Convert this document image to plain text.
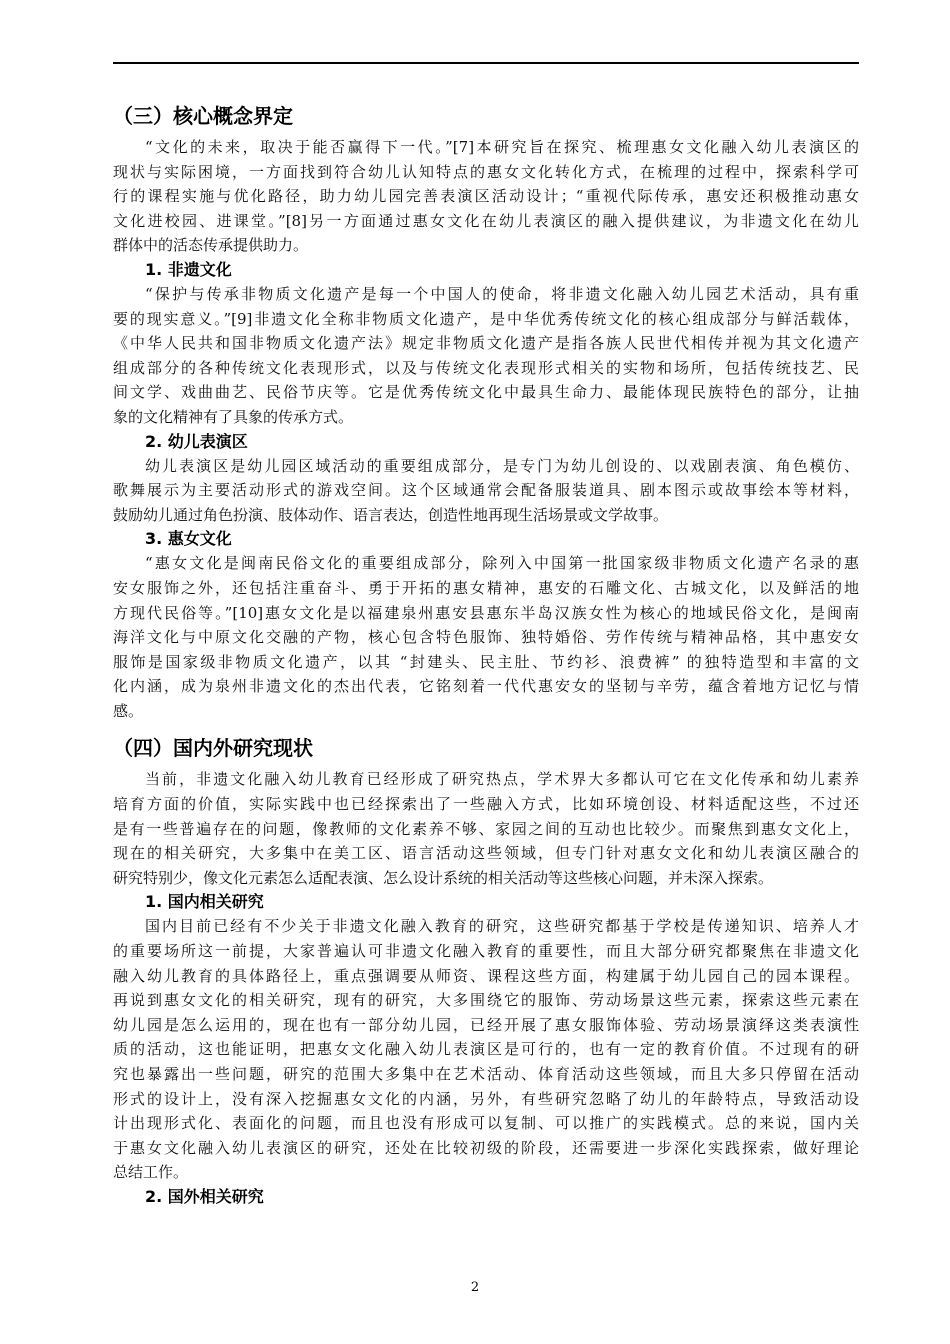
（三）核心概念界定
“文化的未来，取决于能否赢得下一代。”[7]本研究旨在探究、梳理惠女文化融入幼儿表演区的
现状与实际困境，一方面找到符合幼儿认知特点的惠女文化转化方式，在梳理的过程中，探索科学可
行的课程实施与优化路径，助力幼儿园完善表演区活动设计；“重视代际传承，惠安还积极推动惠女
文化进校园、进课堂。”[8]另一方面通过惠女文化在幼儿表演区的融入提供建议，为非遗文化在幼儿
群体中的活态传承提供助力。
1. 非遗文化
“保护与传承非物质文化遗产是每一个中国人的使命，将非遗文化融入幼儿园艺术活动，具有重
要的现实意义。”[9]非遗文化全称非物质文化遗产，是中华优秀传统文化的核心组成部分与鲜活载体，
《中华人民共和国非物质文化遗产法》规定非物质文化遗产是指各族人民世代相传并视为其文化遗产
组成部分的各种传统文化表现形式，以及与传统文化表现形式相关的实物和场所，包括传统技艺、民
间文学、戏曲曲艺、民俗节庆等。它是优秀传统文化中最具生命力、最能体现民族特色的部分，让抽
象的文化精神有了具象的传承方式。
2. 幼儿表演区
幼儿表演区是幼儿园区域活动的重要组成部分，是专门为幼儿创设的、以戏剧表演、角色模仿、
歌舞展示为主要活动形式的游戏空间。这个区域通常会配备服装道具、剧本图示或故事绘本等材料，
鼓励幼儿通过角色扮演、肢体动作、语言表达，创造性地再现生活场景或文学故事。
3. 惠女文化
“惠女文化是闽南民俗文化的重要组成部分，除列入中国第一批国家级非物质文化遗产名录的惠
安女服饰之外，还包括注重奋斗、勇于开拓的惠女精神，惠安的石雕文化、古城文化，以及鲜活的地
方现代民俗等。”[10]惠女文化是以福建泉州惠安县惠东半岛汉族女性为核心的地域民俗文化，是闽南
海洋文化与中原文化交融的产物，核心包含特色服饰、独特婚俗、劳作传统与精神品格，其中惠安女
服饰是国家级非物质文化遗产，以其 “封建头、民主肚、节约衫、浪费裤” 的独特造型和丰富的文
化内涵，成为泉州非遗文化的杰出代表，它铭刻着一代代惠安女的坚韧与辛劳，蕴含着地方记忆与情
感。
（四）国内外研究现状
当前，非遗文化融入幼儿教育已经形成了研究热点，学术界大多都认可它在文化传承和幼儿素养
培育方面的价值，实际实践中也已经探索出了一些融入方式，比如环境创设、材料适配这些，不过还
是有一些普遍存在的问题，像教师的文化素养不够、家园之间的互动也比较少。而聚焦到惠女文化上，
现在的相关研究，大多集中在美工区、语言活动这些领域，但专门针对惠女文化和幼儿表演区融合的
研究特别少，像文化元素怎么适配表演、怎么设计系统的相关活动等这些核心问题，并未深入探索。
1. 国内相关研究
国内目前已经有不少关于非遗文化融入教育的研究，这些研究都基于学校是传递知识、培养人才
的重要场所这一前提，大家普遍认可非遗文化融入教育的重要性，而且大部分研究都聚焦在非遗文化
融入幼儿教育的具体路径上，重点强调要从师资、课程这些方面，构建属于幼儿园自己的园本课程。
再说到惠女文化的相关研究，现有的研究，大多围绕它的服饰、劳动场景这些元素，探索这些元素在
幼儿园是怎么运用的，现在也有一部分幼儿园，已经开展了惠女服饰体验、劳动场景演绎这类表演性
质的活动，这也能证明，把惠女文化融入幼儿表演区是可行的，也有一定的教育价值。不过现有的研
究也暴露出一些问题，研究的范围大多集中在艺术活动、体育活动这些领域，而且大多只停留在活动
形式的设计上，没有深入挖掘惠女文化的内涵，另外，有些研究忽略了幼儿的年龄特点，导致活动设
计出现形式化、表面化的问题，而且也没有形成可以复制、可以推广的实践模式。总的来说，国内关
于惠女文化融入幼儿表演区的研究，还处在比较初级的阶段，还需要进一步深化实践探索，做好理论
总结工作。
2. 国外相关研究
2
